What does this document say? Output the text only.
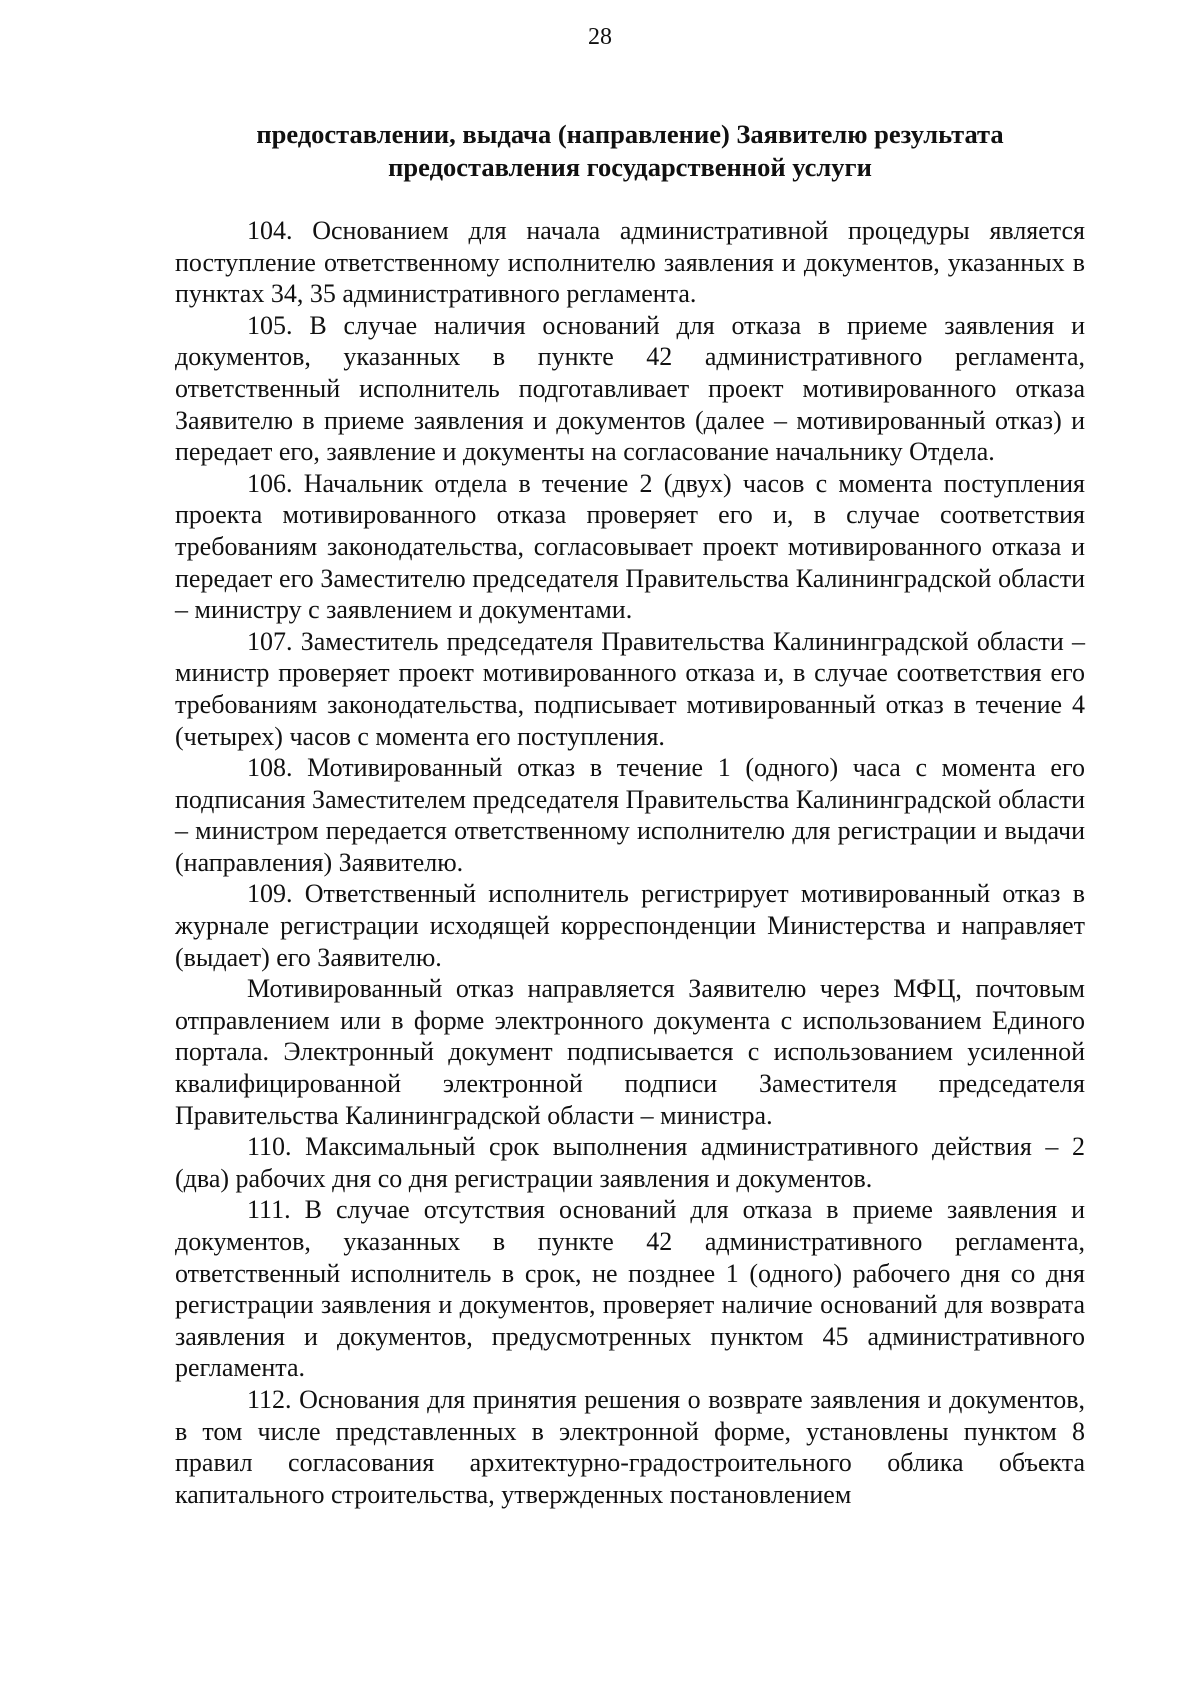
28
предоставлении, выдача (направление) Заявителю результата
предоставления государственной услуги

104. Основанием для начала административной процедуры является поступление ответственному исполнителю заявления и документов, указанных в пунктах 34, 35 административного регламента.

105. В случае наличия оснований для отказа в приеме заявления и документов, указанных в пункте 42 административного регламента, ответственный исполнитель подготавливает проект мотивированного отказа Заявителю в приеме заявления и документов (далее – мотивированный отказ) и передает его, заявление и документы на согласование начальнику Отдела.

106. Начальник отдела в течение 2 (двух) часов с момента поступления проекта мотивированного отказа проверяет его и, в случае соответствия требованиям законодательства, согласовывает проект мотивированного отказа и передает его Заместителю председателя Правительства Калининградской области – министру с заявлением и документами.

107. Заместитель председателя Правительства Калининградской области – министр проверяет проект мотивированного отказа и, в случае соответствия его требованиям законодательства, подписывает мотивированный отказ в течение 4 (четырех) часов с момента его поступления.

108. Мотивированный отказ в течение 1 (одного) часа с момента его подписания Заместителем председателя Правительства Калининградской области – министром передается ответственному исполнителю для регистрации и выдачи (направления) Заявителю.

109. Ответственный исполнитель регистрирует мотивированный отказ в журнале регистрации исходящей корреспонденции Министерства и направляет (выдает) его Заявителю.

Мотивированный отказ направляется Заявителю через МФЦ, почтовым отправлением или в форме электронного документа с использованием Единого портала. Электронный документ подписывается с использованием усиленной квалифицированной электронной подписи Заместителя председателя Правительства Калининградской области – министра.

110. Максимальный срок выполнения административного действия – 2 (два) рабочих дня со дня регистрации заявления и документов.

111. В случае отсутствия оснований для отказа в приеме заявления и документов, указанных в пункте 42 административного регламента, ответственный исполнитель в срок, не позднее 1 (одного) рабочего дня со дня регистрации заявления и документов, проверяет наличие оснований для возврата заявления и документов, предусмотренных пунктом 45 административного регламента.

112. Основания для принятия решения о возврате заявления и документов, в том числе представленных в электронной форме, установлены пунктом 8 правил согласования архитектурно-градостроительного облика объекта капитального строительства, утвержденных постановлением
